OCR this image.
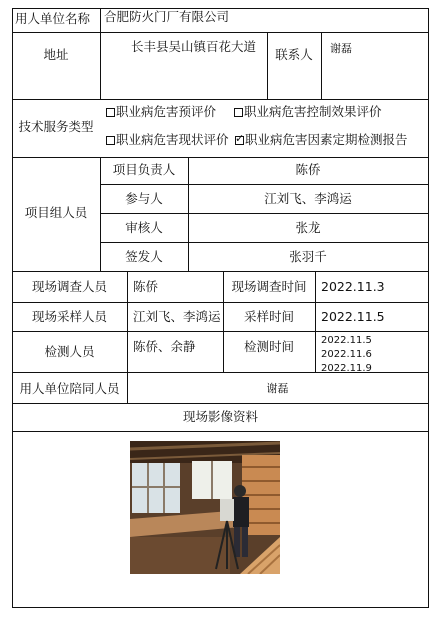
用人单位名称 合肥防火门厂有限公司
地址
长丰县吴山镇百花大道
联系人	谢磊
技术服务类型
职业病危害预评价	职业病危害控制效果评价
职业病危害现状评价
✓	职业病危害因素定期检测报告
项目组人员
项目负责人	陈侨
参与人	江刘飞、李鸿运
审核人	张龙
签发人	张羽千
现场调查人员	陈侨	现场调查时间	2022.11.3
现场采样人员	江刘飞、李鸿运	采样时间	2022.11.5
检测人员	陈侨、余静	检测时间	2022.11.5
2022.11.6
2022.11.9
用人单位陪同人员	谢磊
现场影像资料
